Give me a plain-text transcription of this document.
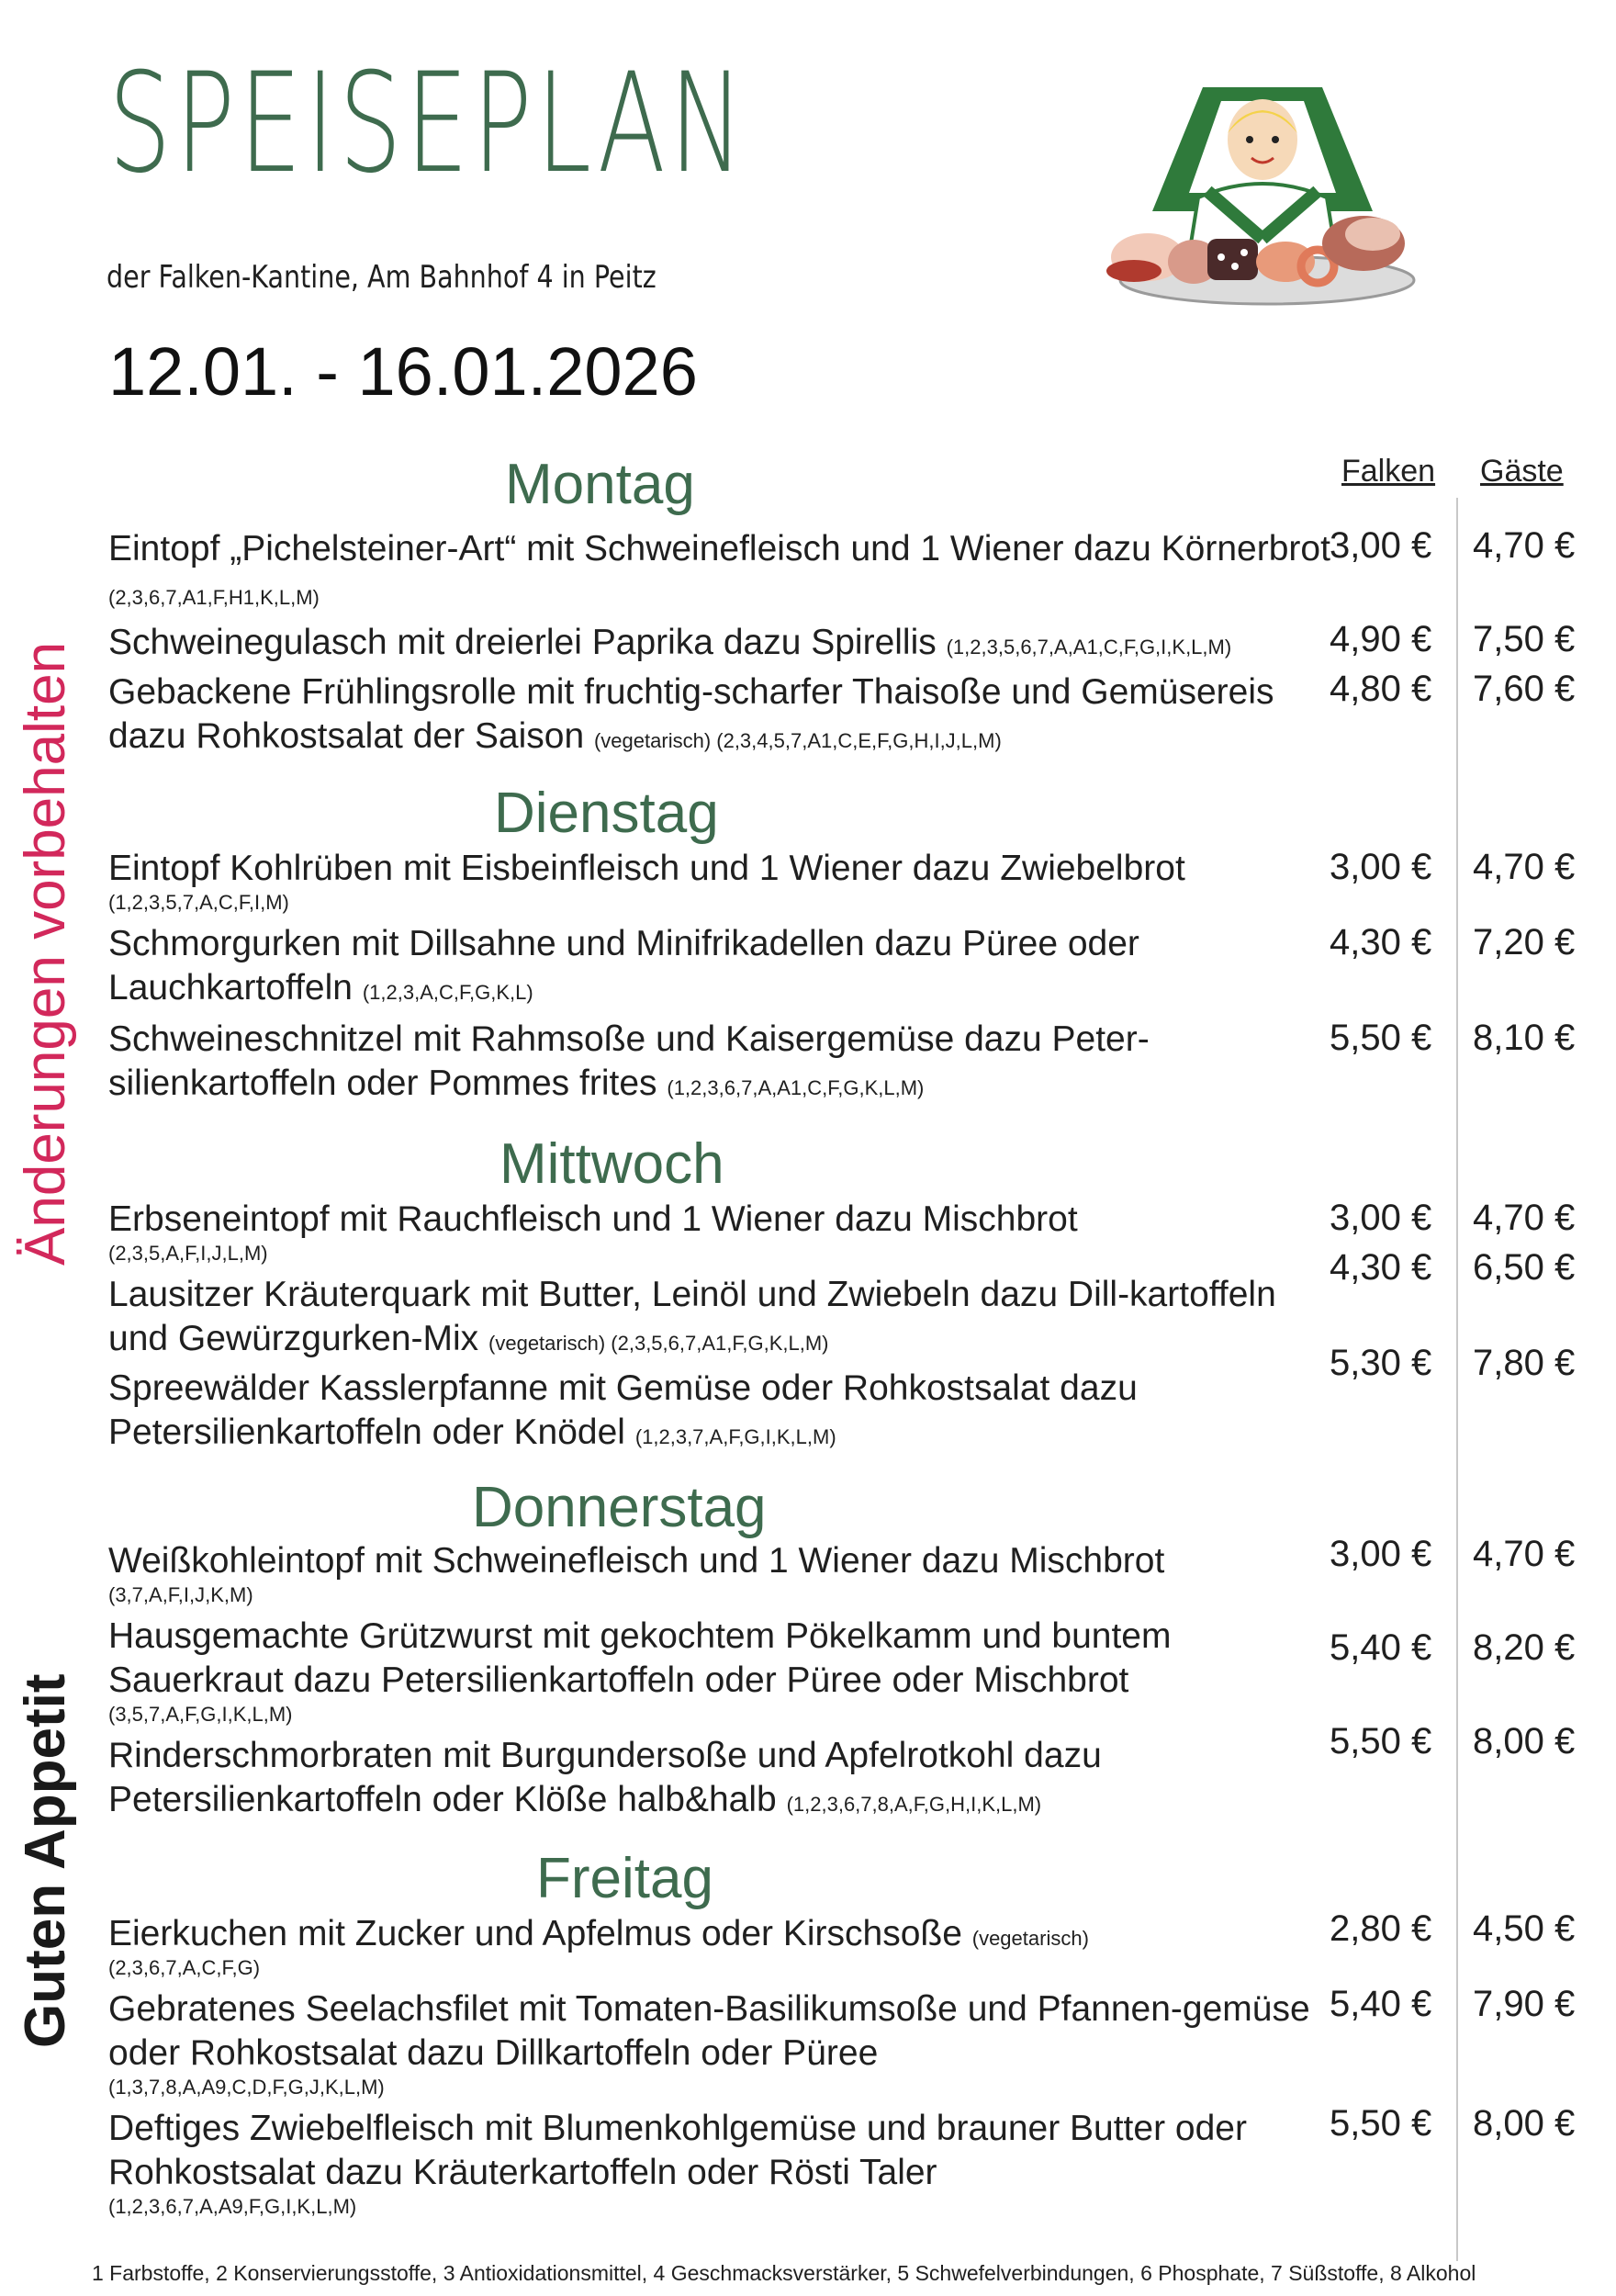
SPEISEPLAN
der Falken-Kantine, Am Bahnhof 4 in Peitz
12.01. - 16.01.2026
Änderungen vorbehalten
Guten Appetit
Falken Gäste
Montag
Eintopf „Pichelsteiner-Art“ mit Schweinefleisch und 1 Wiener dazu Körnerbrot (2,3,6,7,A1,F,H1,K,L,M)
3,00 € 4,70 €
Schweinegulasch mit dreierlei Paprika dazu Spirellis (1,2,3,5,6,7,A,A1,C,F,G,I,K,L,M)	4,90 € 7,50 €
Gebackene Frühlingsrolle mit fruchtig-scharfer Thaisoße und Gemüsereis dazu Rohkostsalat der Saison (vegetarisch) (2,3,4,5,7,A1,C,E,F,G,H,I,J,L,M)
4,80 € 7,60 €
Dienstag
Eintopf Kohlrüben mit Eisbeinfleisch und 1 Wiener dazu Zwiebelbrot
(1,2,3,5,7,A,C,F,I,M)
3,00 € 4,70 €
Schmorgurken mit Dillsahne und Minifrikadellen dazu Püree oder Lauchkartoffeln (1,2,3,A,C,F,G,K,L)
4,30 € 7,20 €
Schweineschnitzel mit Rahmsoße und Kaisergemüse dazu Peter-silienkartoffeln oder Pommes frites (1,2,3,6,7,A,A1,C,F,G,K,L,M)
5,50 € 8,10 €
Mittwoch
Erbseneintopf mit Rauchfleisch und 1 Wiener dazu Mischbrot
(2,3,5,A,F,I,J,L,M)
3,00 € 4,70 €
Lausitzer Kräuterquark mit Butter, Leinöl und Zwiebeln dazu Dill-kartoffeln und Gewürzgurken-Mix (vegetarisch) (2,3,5,6,7,A1,F,G,K,L,M)
4,30 € 6,50 €
Spreewälder Kasslerpfanne mit Gemüse oder Rohkostsalat dazu Petersilienkartoffeln oder Knödel (1,2,3,7,A,F,G,I,K,L,M)
5,30 € 7,80 €
Donnerstag
Weißkohleintopf mit Schweinefleisch und 1 Wiener dazu Mischbrot
(3,7,A,F,I,J,K,M)
3,00 € 4,70 €
Hausgemachte Grützwurst mit gekochtem Pökelkamm und buntem Sauerkraut dazu Petersilienkartoffeln oder Püree oder Mischbrot
(3,5,7,A,F,G,I,K,L,M)
5,40 € 8,20 €
Rinderschmorbraten mit Burgundersoße und Apfelrotkohl dazu Petersilienkartoffeln oder Klöße halb&halb (1,2,3,6,7,8,A,F,G,H,I,K,L,M)
5,50 € 8,00 €
Freitag
Eierkuchen mit Zucker und Apfelmus oder Kirschsoße (vegetarisch)
(2,3,6,7,A,C,F,G)
2,80 € 4,50 €
Gebratenes Seelachsfilet mit Tomaten-Basilikumsoße und Pfannen-gemüse oder Rohkostsalat dazu Dillkartoffeln oder Püree
(1,3,7,8,A,A9,C,D,F,G,J,K,L,M)
5,40 € 7,90 €
Deftiges Zwiebelfleisch mit Blumenkohlgemüse und brauner Butter oder Rohkostsalat dazu Kräuterkartoffeln oder Rösti Taler
(1,2,3,6,7,A,A9,F,G,I,K,L,M)
5,50 € 8,00 €
1 Farbstoffe, 2 Konservierungsstoffe, 3 Antioxidationsmittel, 4 Geschmacksverstärker, 5 Schwefelverbindungen, 6 Phosphate, 7 Süßstoffe, 8 Alkohol
